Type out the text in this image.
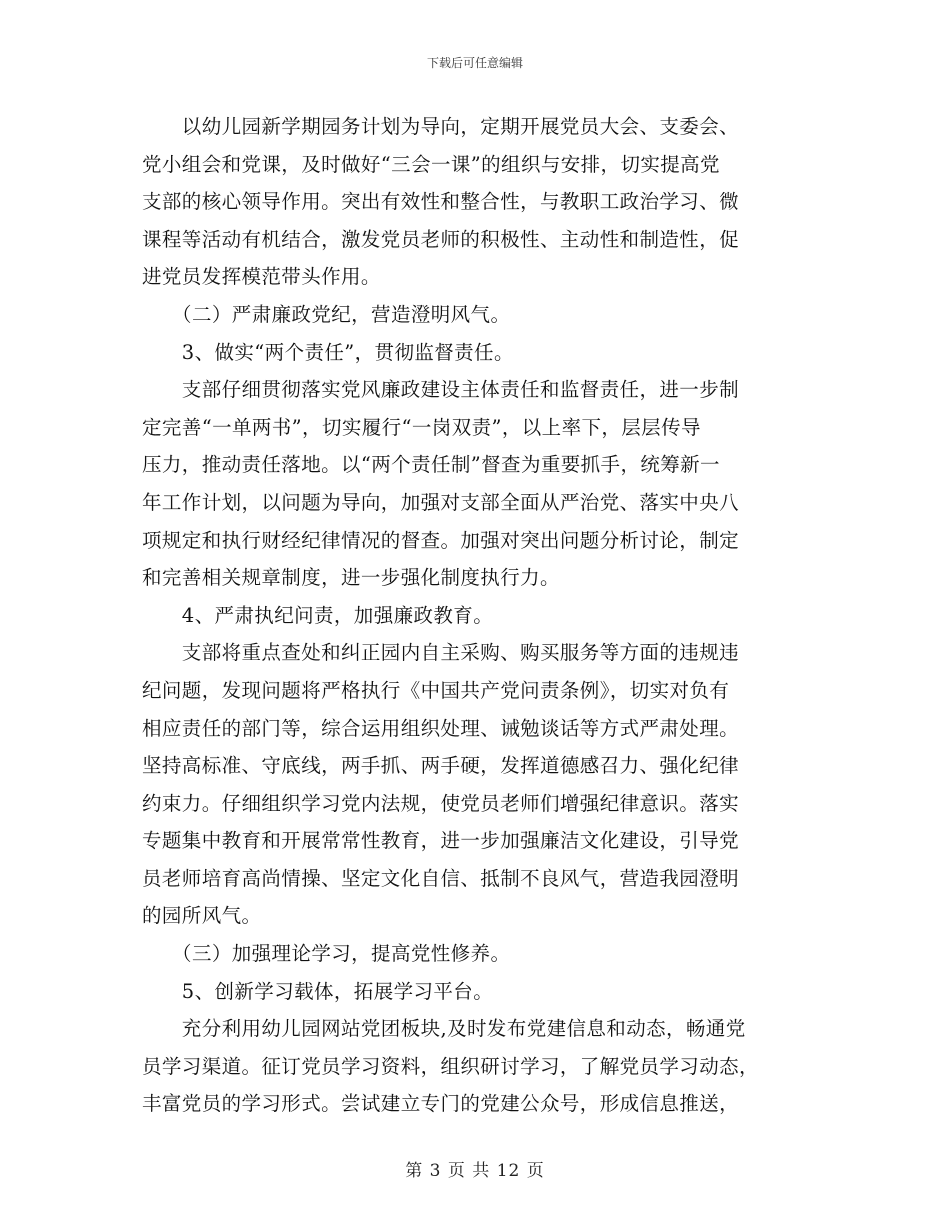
下载后可任意编辑
　　以幼儿园新学期园务计划为导向，定期开展党员大会、支委会、
党小组会和党课，及时做好“三会一课”的组织与安排，切实提高党
支部的核心领导作用。突出有效性和整合性，与教职工政治学习、微
课程等活动有机结合，激发党员老师的积极性、主动性和制造性，促
进党员发挥模范带头作用。
　　（二）严肃廉政党纪，营造澄明风气。
　　3、做实“两个责任”，贯彻监督责任。
　　支部仔细贯彻落实党风廉政建设主体责任和监督责任，进一步制
定完善“一单两书”，切实履行“一岗双责”，以上率下，层层传导
压力，推动责任落地。以“两个责任制”督查为重要抓手，统筹新一
年工作计划，以问题为导向，加强对支部全面从严治党、落实中央八
项规定和执行财经纪律情况的督查。加强对突出问题分析讨论，制定
和完善相关规章制度，进一步强化制度执行力。
　　4、严肃执纪问责，加强廉政教育。
　　支部将重点查处和纠正园内自主采购、购买服务等方面的违规违
纪问题，发现问题将严格执行《中国共产党问责条例》，切实对负有
相应责任的部门等，综合运用组织处理、诫勉谈话等方式严肃处理。
坚持高标准、守底线，两手抓、两手硬，发挥道德感召力、强化纪律
约束力。仔细组织学习党内法规，使党员老师们增强纪律意识。落实
专题集中教育和开展常常性教育，进一步加强廉洁文化建设，引导党
员老师培育高尚情操、坚定文化自信、抵制不良风气，营造我园澄明
的园所风气。
　　（三）加强理论学习，提高党性修养。
　　5、创新学习载体，拓展学习平台。
　　充分利用幼儿园网站党团板块,及时发布党建信息和动态，畅通党
员学习渠道。征订党员学习资料，组织研讨学习，了解党员学习动态，
丰富党员的学习形式。尝试建立专门的党建公众号，形成信息推送，
第 3 页 共 12 页
